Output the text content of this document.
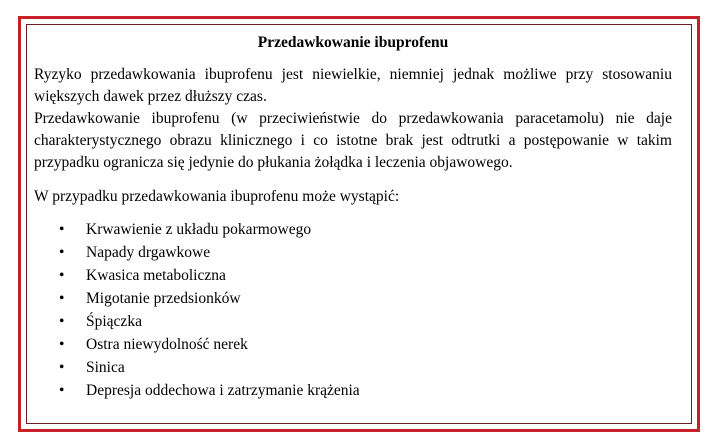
Przedawkowanie ibuprofenu

Ryzyko przedawkowania ibuprofenu jest niewielkie, niemniej jednak możliwe przy stosowaniu większych dawek przez dłuższy czas.

Przedawkowanie ibuprofenu (w przeciwieństwie do przedawkowania paracetamolu) nie daje charakterystycznego obrazu klinicznego i co istotne brak jest odtrutki a postępowanie w takim przypadku ogranicza się jedynie do płukania żołądka i leczenia objawowego.

W przypadku przedawkowania ibuprofenu może wystąpić:

• Krwawienie z układu pokarmowego
• Napady drgawkowe
• Kwasica metaboliczna
• Migotanie przedsionków
• Śpiączka
• Ostra niewydolność nerek
• Sinica
• Depresja oddechowa i zatrzymanie krążenia
